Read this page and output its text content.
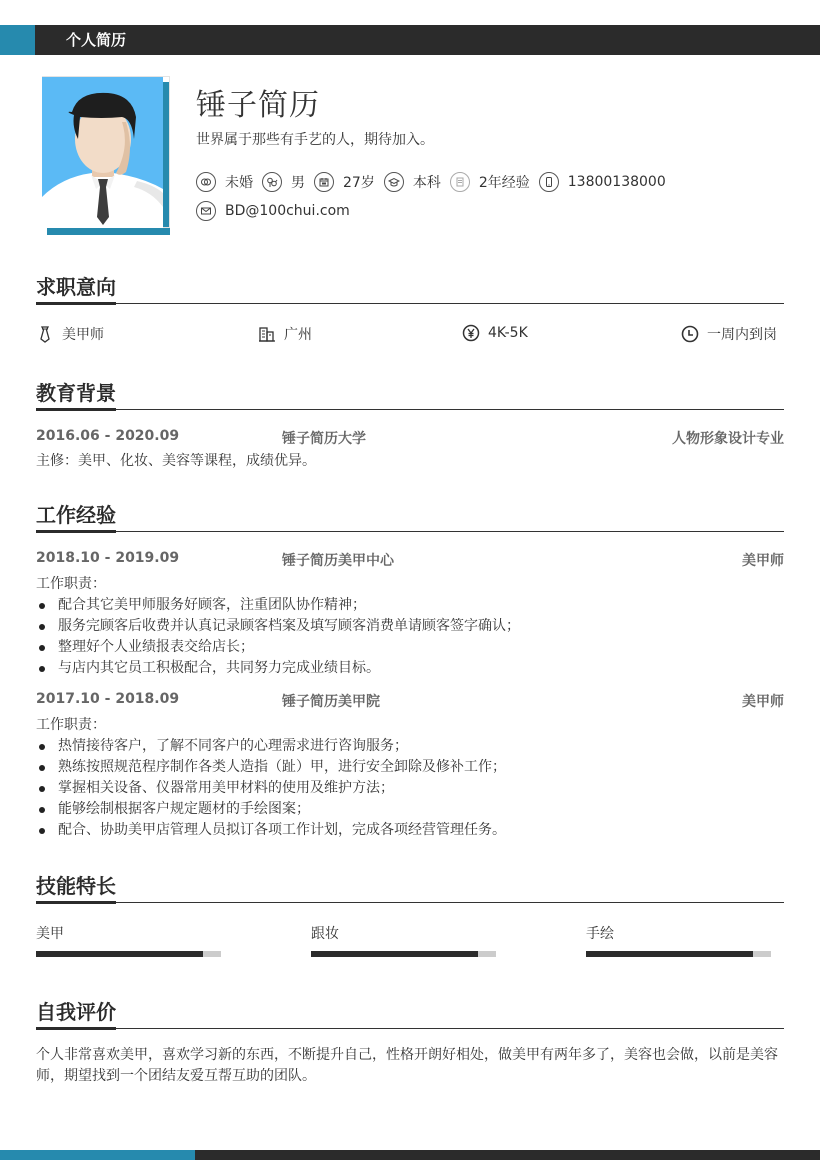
个人简历
锤子简历
世界属于那些有手艺的人，期待加入。
未婚	男	27岁	本科	2年经验	13800138000
BD@100chui.com
求职意向
美甲师	广州	4K-5K	一周内到岗
教育背景
2016.06 - 2020.09	锤子简历大学	人物形象设计专业
主修：美甲、化妆、美容等课程，成绩优异。
工作经验
2018.10 - 2019.09	锤子简历美甲中心	美甲师
工作职责：
配合其它美甲师服务好顾客，注重团队协作精神；
服务完顾客后收费并认真记录顾客档案及填写顾客消费单请顾客签字确认；
整理好个人业绩报表交给店长；
与店内其它员工积极配合，共同努力完成业绩目标。
2017.10 - 2018.09	锤子简历美甲院	美甲师
工作职责：
热情接待客户，了解不同客户的心理需求进行咨询服务；
熟练按照规范程序制作各类人造指（趾）甲，进行安全卸除及修补工作；
掌握相关设备、仪器常用美甲材料的使用及维护方法；
能够绘制根据客户规定题材的手绘图案；
配合、协助美甲店管理人员拟订各项工作计划，完成各项经营管理任务。
技能特长
美甲	跟妆	手绘
自我评价
个人非常喜欢美甲，喜欢学习新的东西，不断提升自己，性格开朗好相处，做美甲有两年多了，美容也会做，以前是美容师，期望找到一个团结友爱互帮互助的团队。
